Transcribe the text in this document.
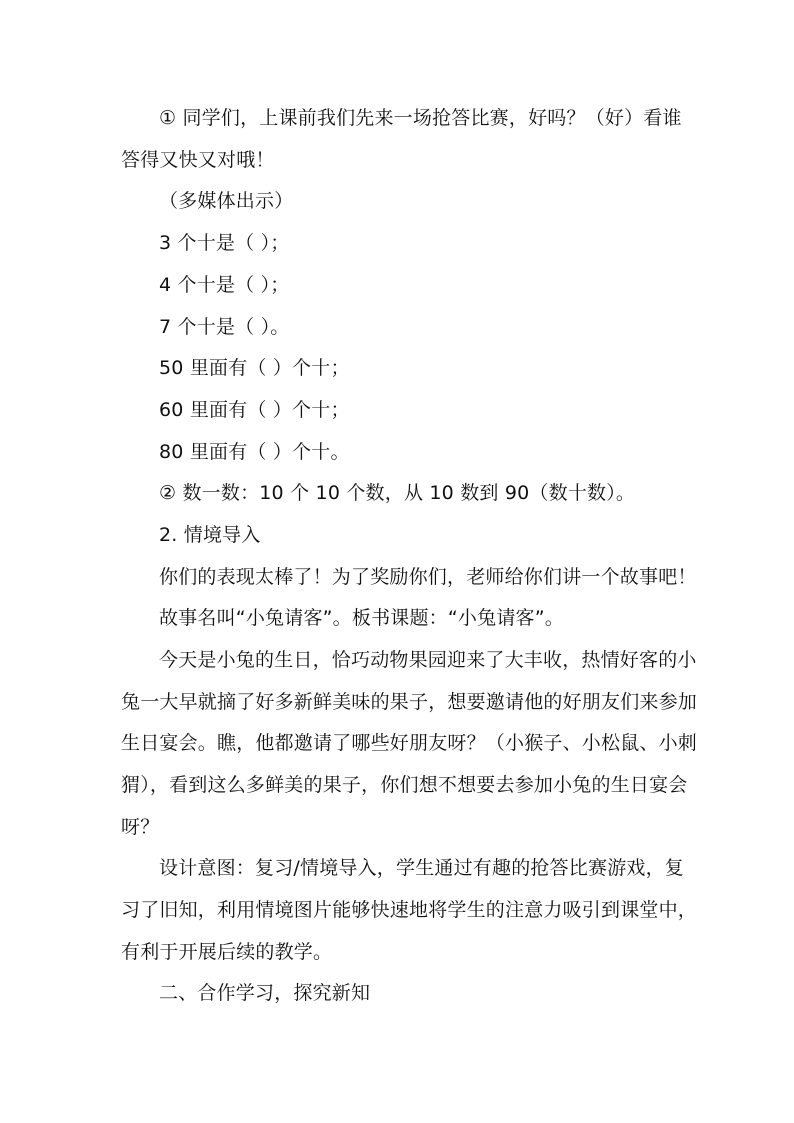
① 同学们，上课前我们先来一场抢答比赛，好吗？（好）看谁
答得又快又对哦！
（多媒体出示）
3 个十是（ ）；
4 个十是（ ）；
7 个十是（ ）。
50 里面有（ ）个十；
60 里面有（ ）个十；
80 里面有（ ）个十。
② 数一数：10 个 10 个数，从 10 数到 90（数十数）。
2. 情境导入
你们的表现太棒了！为了奖励你们，老师给你们讲一个故事吧！
故事名叫“小兔请客”。板书课题：“小兔请客”。
今天是小兔的生日，恰巧动物果园迎来了大丰收，热情好客的小
兔一大早就摘了好多新鲜美味的果子，想要邀请他的好朋友们来参加
生日宴会。瞧，他都邀请了哪些好朋友呀？（小猴子、小松鼠、小刺
猬），看到这么多鲜美的果子，你们想不想要去参加小兔的生日宴会
呀？
设计意图：复习/情境导入，学生通过有趣的抢答比赛游戏，复
习了旧知，利用情境图片能够快速地将学生的注意力吸引到课堂中，
有利于开展后续的教学。
二、合作学习，探究新知
